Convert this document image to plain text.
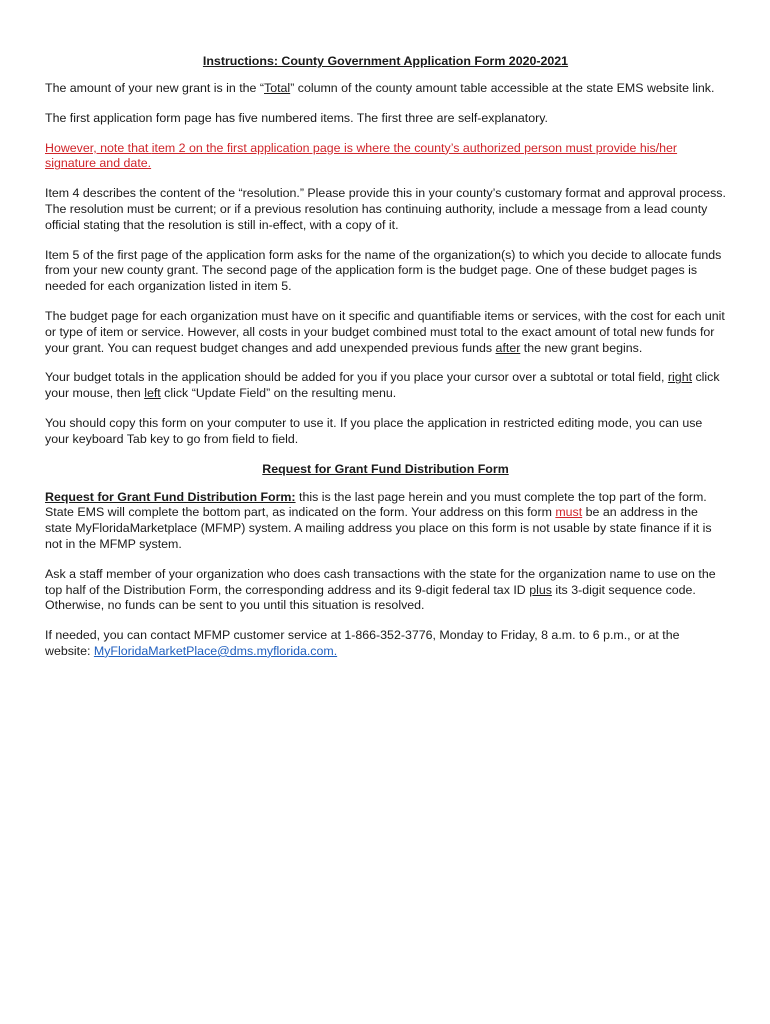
Instructions: County Government Application Form 2020-2021

The amount of your new grant is in the “Total” column of the county amount table accessible at the state EMS website link.

The first application form page has five numbered items. The first three are self-explanatory.

However, note that item 2 on the first application page is where the county’s authorized person must provide his/her signature and date.

Item 4 describes the content of the “resolution.” Please provide this in your county’s customary format and approval process. The resolution must be current; or if a previous resolution has continuing authority, include a message from a lead county official stating that the resolution is still in-effect, with a copy of it.

Item 5 of the first page of the application form asks for the name of the organization(s) to which you decide to allocate funds from your new county grant. The second page of the application form is the budget page. One of these budget pages is needed for each organization listed in item 5.

The budget page for each organization must have on it specific and quantifiable items or services, with the cost for each unit or type of item or service. However, all costs in your budget combined must total to the exact amount of total new funds for your grant. You can request budget changes and add unexpended previous funds after the new grant begins.

Your budget totals in the application should be added for you if you place your cursor over a subtotal or total field, right click your mouse, then left click “Update Field” on the resulting menu.

You should copy this form on your computer to use it. If you place the application in restricted editing mode, you can use your keyboard Tab key to go from field to field.

Request for Grant Fund Distribution Form

Request for Grant Fund Distribution Form: this is the last page herein and you must complete the top part of the form. State EMS will complete the bottom part, as indicated on the form. Your address on this form must be an address in the state MyFloridaMarketplace (MFMP) system. A mailing address you place on this form is not usable by state finance if it is not in the MFMP system.

Ask a staff member of your organization who does cash transactions with the state for the organization name to use on the top half of the Distribution Form, the corresponding address and its 9-digit federal tax ID plus its 3-digit sequence code. Otherwise, no funds can be sent to you until this situation is resolved.

If needed, you can contact MFMP customer service at 1-866-352-3776, Monday to Friday, 8 a.m. to 6 p.m., or at the website: MyFloridaMarketPlace@dms.myflorida.com.
